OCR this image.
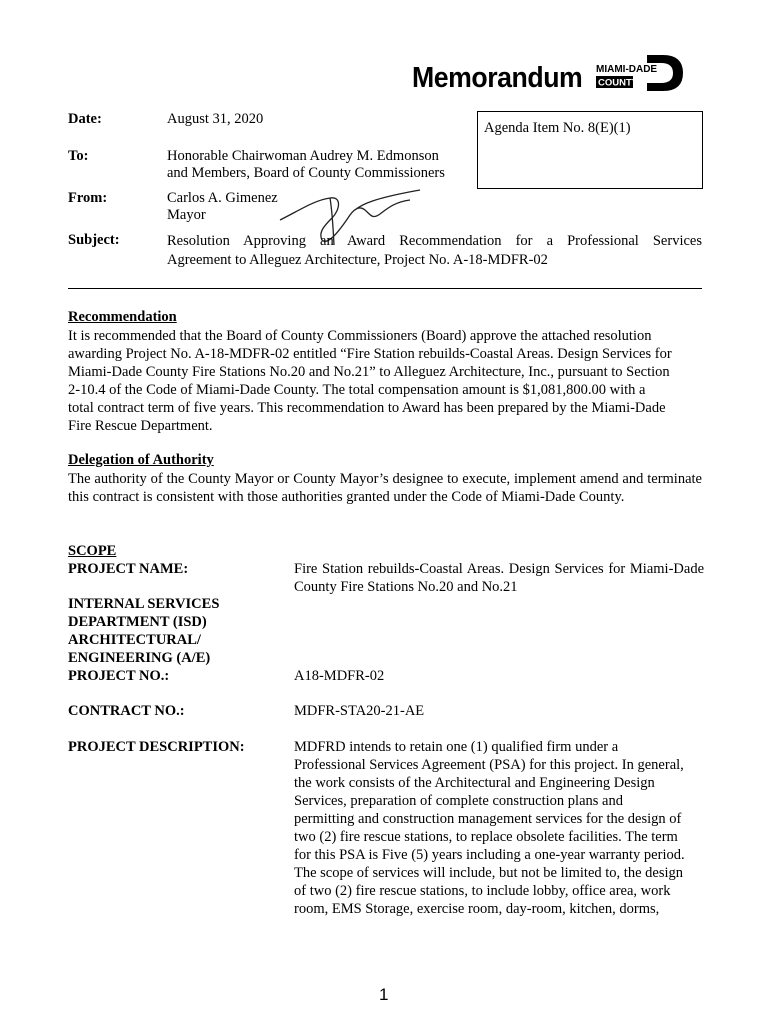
Memorandum MIAMI-DADE
COUNTY
Date:	August 31, 2020
Agenda Item No. 8(E)(1)
To:	Honorable Chairwoman Audrey M. Edmonson
and Members, Board of County Commissioners
From:	Carlos A. Gimenez
Mayor
Subject:	Resolution Approving an Award Recommendation for a Professional Services
Agreement to Alleguez Architecture, Project No. A-18-MDFR-02
Recommendation
It is recommended that the Board of County Commissioners (Board) approve the attached resolution
awarding Project No. A-18-MDFR-02 entitled “Fire Station rebuilds-Coastal Areas. Design Services for
Miami-Dade County Fire Stations No.20 and No.21” to Alleguez Architecture, Inc., pursuant to Section
2-10.4 of the Code of Miami-Dade County. The total compensation amount is $1,081,800.00 with a
total contract term of five years. This recommendation to Award has been prepared by the Miami-Dade
Fire Rescue Department.
Delegation of Authority
The authority of the County Mayor or County Mayor’s designee to execute, implement amend and terminate this contract is consistent with those authorities granted under the Code of Miami-Dade County.
SCOPE
PROJECT NAME:	Fire Station rebuilds-Coastal Areas. Design Services for Miami-Dade County Fire Stations No.20 and No.21
INTERNAL SERVICES
DEPARTMENT (ISD)
ARCHITECTURAL/
ENGINEERING (A/E)
PROJECT NO.:	A18-MDFR-02
CONTRACT NO.:	MDFR-STA20-21-AE
PROJECT DESCRIPTION:	MDFRD intends to retain one (1) qualified firm under a
Professional Services Agreement (PSA) for this project. In general,
the work consists of the Architectural and Engineering Design
Services, preparation of complete construction plans and
permitting and construction management services for the design of
two (2) fire rescue stations, to replace obsolete facilities. The term
for this PSA is Five (5) years including a one-year warranty period.
The scope of services will include, but not be limited to, the design
of two (2) fire rescue stations, to include lobby, office area, work
room, EMS Storage, exercise room, day-room, kitchen, dorms,
1
